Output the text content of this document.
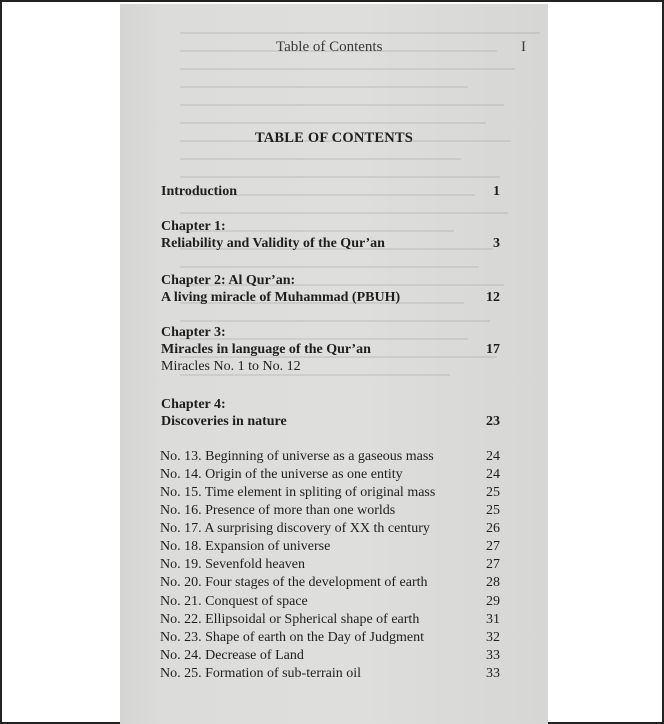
Table of Contents	I
TABLE OF CONTENTS
Introduction	1
Chapter 1:
Reliability and Validity of the Qur’an	3
Chapter 2: Al Qur’an:
A living miracle of Muhammad (PBUH)	12
Chapter 3:
Miracles in language of the Qur’an	17
Miracles No. 1 to No. 12
Chapter 4:
Discoveries in nature	23
No. 13. Beginning of universe as a gaseous mass	24
No. 14. Origin of the universe as one entity	24
No. 15. Time element in spliting of original mass	25
No. 16. Presence of more than one worlds	25
No. 17. A surprising discovery of XX th century	26
No. 18. Expansion of universe	27
No. 19. Sevenfold heaven	27
No. 20. Four stages of the development of earth	28
No. 21. Conquest of space	29
No. 22. Ellipsoidal or Spherical shape of earth	31
No. 23. Shape of earth on the Day of Judgment	32
No. 24. Decrease of Land	33
No. 25. Formation of sub-terrain oil	33
